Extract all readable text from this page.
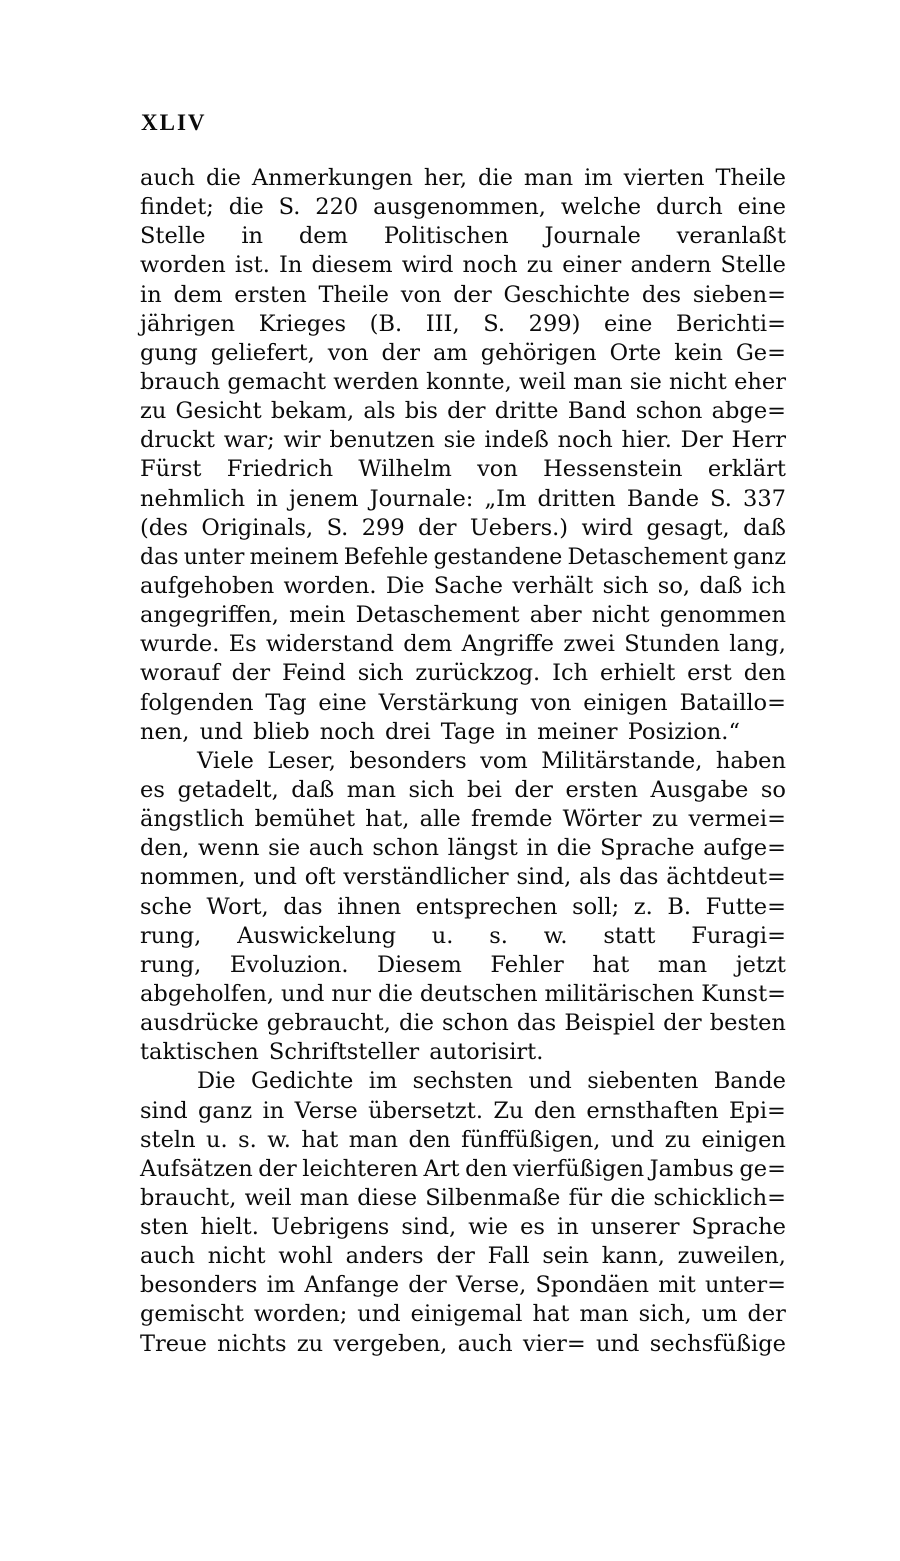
XLIV
auch die Anmerkungen her, die man im vierten Theile
findet; die S. 220 ausgenommen, welche durch eine
Stelle in dem Politischen Journale veranlaßt
worden ist. In diesem wird noch zu einer andern Stelle
in dem ersten Theile von der Geschichte des sieben=
jährigen Krieges (B. III, S. 299) eine Berichti=
gung geliefert, von der am gehörigen Orte kein Ge=
brauch gemacht werden konnte, weil man sie nicht eher
zu Gesicht bekam, als bis der dritte Band schon abge=
druckt war; wir benutzen sie indeß noch hier. Der Herr
Fürst Friedrich Wilhelm von Hessenstein erklärt
nehmlich in jenem Journale: „Im dritten Bande S. 337
(des Originals, S. 299 der Uebers.) wird gesagt, daß
das unter meinem Befehle gestandene Detaschement ganz
aufgehoben worden. Die Sache verhält sich so, daß ich
angegriffen, mein Detaschement aber nicht genommen
wurde. Es widerstand dem Angriffe zwei Stunden lang,
worauf der Feind sich zurückzog. Ich erhielt erst den
folgenden Tag eine Verstärkung von einigen Bataillo=
nen, und blieb noch drei Tage in meiner Posizion.“
Viele Leser, besonders vom Militärstande, haben
es getadelt, daß man sich bei der ersten Ausgabe so
ängstlich bemühet hat, alle fremde Wörter zu vermei=
den, wenn sie auch schon längst in die Sprache aufge=
nommen, und oft verständlicher sind, als das ächtdeut=
sche Wort, das ihnen entsprechen soll; z. B. Futte=
rung, Auswickelung u. s. w. statt Furagi=
rung, Evoluzion. Diesem Fehler hat man jetzt
abgeholfen, und nur die deutschen militärischen Kunst=
ausdrücke gebraucht, die schon das Beispiel der besten
taktischen Schriftsteller autorisirt.
Die Gedichte im sechsten und siebenten Bande
sind ganz in Verse übersetzt. Zu den ernsthaften Epi=
steln u. s. w. hat man den fünffüßigen, und zu einigen
Aufsätzen der leichteren Art den vierfüßigen Jambus ge=
braucht, weil man diese Silbenmaße für die schicklich=
sten hielt. Uebrigens sind, wie es in unserer Sprache
auch nicht wohl anders der Fall sein kann, zuweilen,
besonders im Anfange der Verse, Spondäen mit unter=
gemischt worden; und einigemal hat man sich, um der
Treue nichts zu vergeben, auch vier= und sechsfüßige
